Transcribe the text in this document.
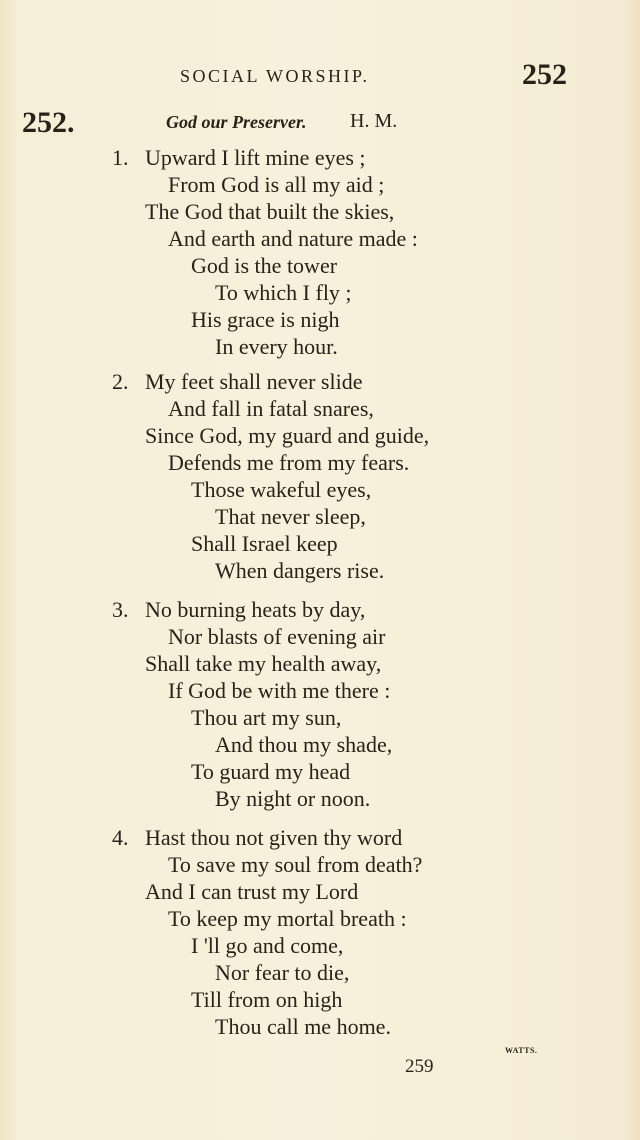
SOCIAL WORSHIP.	252
252.	God our Preserver. H. M.
1. Upward I lift mine eyes ;
From God is all my aid ;
The God that built the skies,
And earth and nature made :
God is the tower
To which I fly ;
His grace is nigh
In every hour.
2. My feet shall never slide
And fall in fatal snares,
Since God, my guard and guide,
Defends me from my fears.
Those wakeful eyes,
That never sleep,
Shall Israel keep
When dangers rise.
3. No burning heats by day,
Nor blasts of evening air
Shall take my health away,
If God be with me there :
Thou art my sun,
And thou my shade,
To guard my head
By night or noon.
4. Hast thou not given thy word
To save my soul from death?
And I can trust my Lord
To keep my mortal breath :
I 'll go and come,
Nor fear to die,
Till from on high
Thou call me home.
WATTS.
259
